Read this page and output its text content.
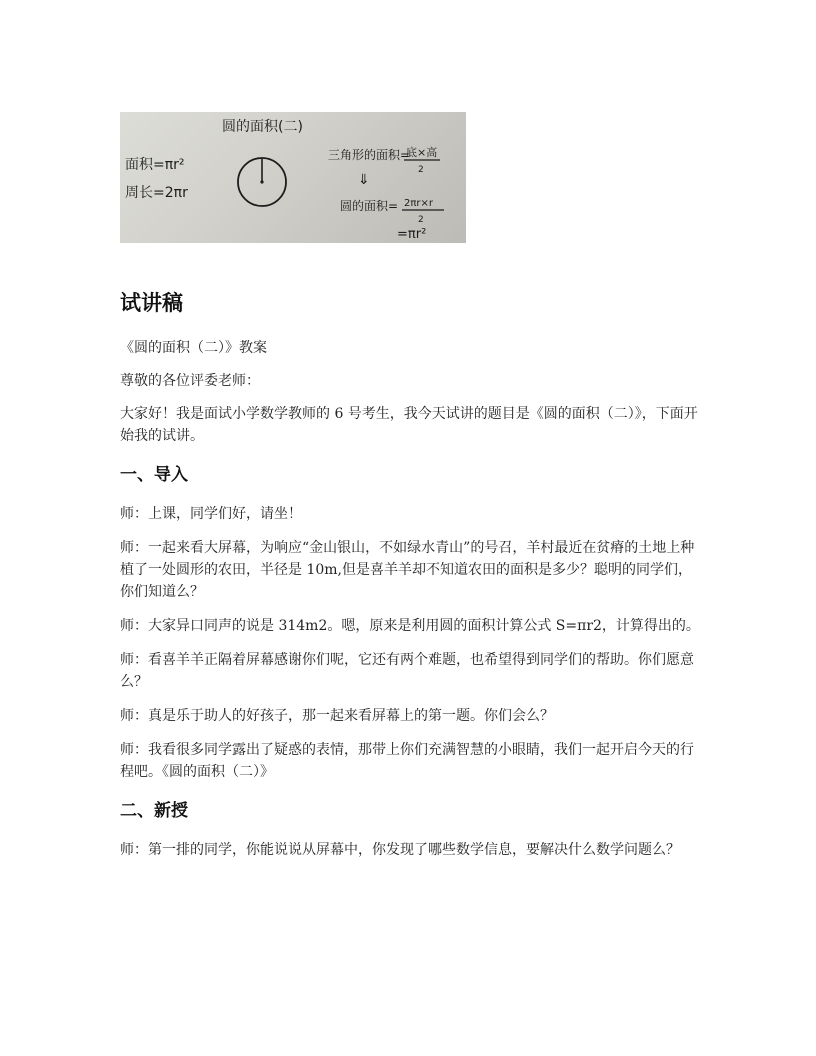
圆的面积(二)
面积=πr²
周长=2πr
三角形的面积=
底×高
2
⇓
圆的面积= 2πr×r
2
=πr²
试讲稿

《圆的面积（二）》教案

尊敬的各位评委老师：

大家好！我是面试小学数学教师的 6 号考生，我今天试讲的题目是《圆的面积（二）》，下面开始我的试讲。

一、导入

师：上课，同学们好，请坐！

师：一起来看大屏幕，为响应“金山银山，不如绿水青山”的号召，羊村最近在贫瘠的土地上种植了一处圆形的农田，半径是 10m,但是喜羊羊却不知道农田的面积是多少？聪明的同学们，你们知道么？

师：大家异口同声的说是 314m2。嗯，原来是利用圆的面积计算公式 S=πr2，计算得出的。

师：看喜羊羊正隔着屏幕感谢你们呢，它还有两个难题，也希望得到同学们的帮助。你们愿意么？

师：真是乐于助人的好孩子，那一起来看屏幕上的第一题。你们会么？

师：我看很多同学露出了疑惑的表情，那带上你们充满智慧的小眼睛，我们一起开启今天的行程吧。《圆的面积（二）》

二、新授

师：第一排的同学，你能说说从屏幕中，你发现了哪些数学信息，要解决什么数学问题么？
